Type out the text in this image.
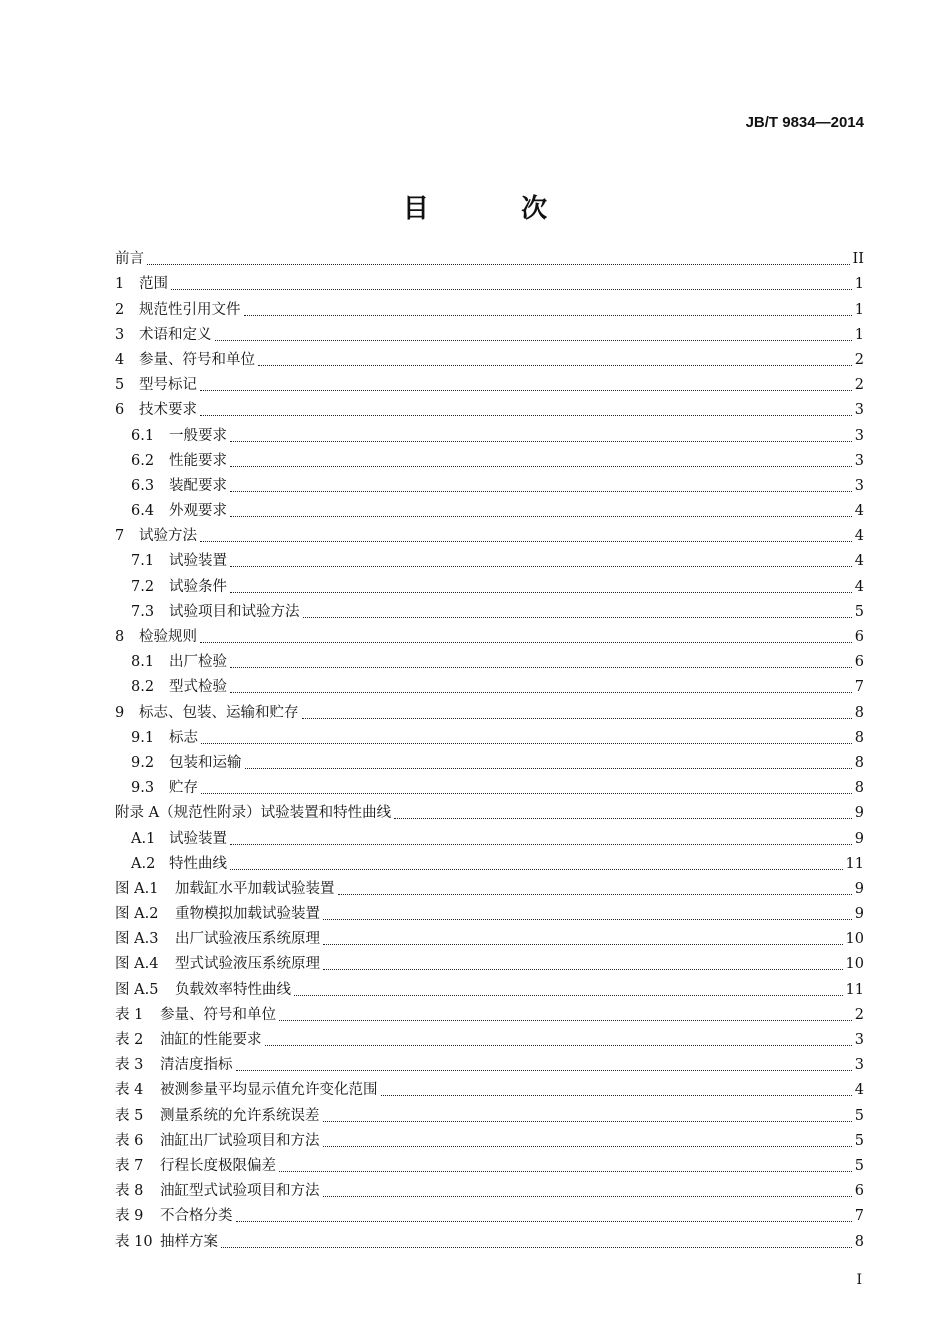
JB/T 9834—2014
目 次
前言	II
1	范围	1
2	规范性引用文件	1
3	术语和定义	1
4	参量、符号和单位	2
5	型号标记	2
6	技术要求	3
6.1	一般要求	3
6.2	性能要求	3
6.3	装配要求	3
6.4	外观要求	4
7	试验方法	4
7.1	试验装置	4
7.2	试验条件	4
7.3	试验项目和试验方法	5
8	检验规则	6
8.1	出厂检验	6
8.2	型式检验	7
9	标志、包装、运输和贮存	8
9.1	标志	8
9.2	包装和运输	8
9.3	贮存	8
附录 A（规范性附录）试验装置和特性曲线	9
A.1 试验装置	9
A.2 特性曲线	11
图 A.1	加载缸水平加载试验装置	9
图 A.2	重物模拟加载试验装置	9
图 A.3	出厂试验液压系统原理	10
图 A.4	型式试验液压系统原理	10
图 A.5	负载效率特性曲线	11
表 1	参量、符号和单位	2
表 2	油缸的性能要求	3
表 3	清洁度指标	3
表 4	被测参量平均显示值允许变化范围	4
表 5	测量系统的允许系统误差	5
表 6	油缸出厂试验项目和方法	5
表 7	行程长度极限偏差	5
表 8	油缸型式试验项目和方法	6
表 9	不合格分类	7
表 10 抽样方案	8
I
